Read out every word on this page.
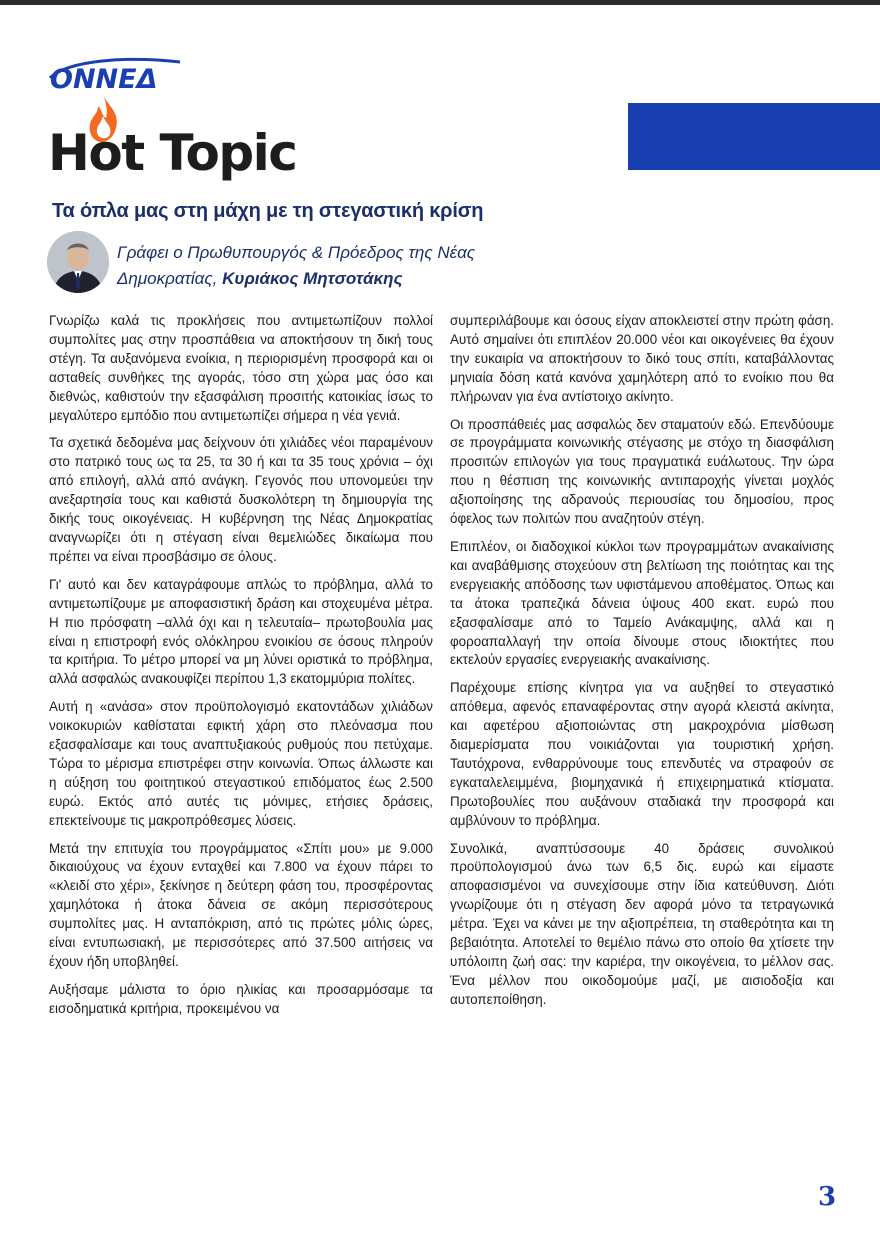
ΟΝΝΕΔ
Hot Topic
Τα όπλα μας στη μάχη με τη στεγαστική κρίση

Γράφει ο Πρωθυπουργός & Πρόεδρος της Νέας Δημοκρατίας, Κυριάκος Μητσοτάκης

Γνωρίζω καλά τις προκλήσεις που αντιμετωπίζουν πολλοί συμπολίτες μας στην προσπάθεια να αποκτήσουν τη δική τους στέγη. Τα αυξανόμενα ενοίκια, η περιορισμένη προσφορά και οι ασταθείς συνθήκες της αγοράς, τόσο στη χώρα μας όσο και διεθνώς, καθιστούν την εξασφάλιση προσιτής κατοικίας ίσως το μεγαλύτερο εμπόδιο που αντιμετωπίζει σήμερα η νέα γενιά.

Τα σχετικά δεδομένα μας δείχνουν ότι χιλιάδες νέοι παραμένουν στο πατρικό τους ως τα 25, τα 30 ή και τα 35 τους χρόνια – όχι από επιλογή, αλλά από ανάγκη. Γεγονός που υπονομεύει την ανεξαρτησία τους και καθιστά δυσκολότερη τη δημιουργία της δικής τους οικογένειας. Η κυβέρνηση της Νέας Δημοκρατίας αναγνωρίζει ότι η στέγαση είναι θεμελιώδες δικαίωμα που πρέπει να είναι προσβάσιμο σε όλους.

Γι' αυτό και δεν καταγράφουμε απλώς το πρόβλημα, αλλά το αντιμετωπίζουμε με αποφασιστική δράση και στοχευμένα μέτρα. Η πιο πρόσφατη –αλλά όχι και η τελευταία– πρωτοβουλία μας είναι η επιστροφή ενός ολόκληρου ενοικίου σε όσους πληρούν τα κριτήρια. Το μέτρο μπορεί να μη λύνει οριστικά το πρόβλημα, αλλά ασφαλώς ανακουφίζει περίπου 1,3 εκατομμύρια πολίτες.

Αυτή η «ανάσα» στον προϋπολογισμό εκατοντάδων χιλιάδων νοικοκυριών καθίσταται εφικτή χάρη στο πλεόνασμα που εξασφαλίσαμε και τους αναπτυξιακούς ρυθμούς που πετύχαμε. Τώρα το μέρισμα επιστρέφει στην κοινωνία. Όπως άλλωστε και η αύξηση του φοιτητικού στεγαστικού επιδόματος έως 2.500 ευρώ. Εκτός από αυτές τις μόνιμες, ετήσιες δράσεις, επεκτείνουμε τις μακροπρόθεσμες λύσεις.

Μετά την επιτυχία του προγράμματος «Σπίτι μου» με 9.000 δικαιούχους να έχουν ενταχθεί και 7.800 να έχουν πάρει το «κλειδί στο χέρι», ξεκίνησε η δεύτερη φάση του, προσφέροντας χαμηλότοκα ή άτοκα δάνεια σε ακόμη περισσότερους συμπολίτες μας. Η ανταπόκριση, από τις πρώτες μόλις ώρες, είναι εντυπωσιακή, με περισσότερες από 37.500 αιτήσεις να έχουν ήδη υποβληθεί.

Αυξήσαμε μάλιστα το όριο ηλικίας και προσαρμόσαμε τα εισοδηματικά κριτήρια, προκειμένου να

συμπεριλάβουμε και όσους είχαν αποκλειστεί στην πρώτη φάση. Αυτό σημαίνει ότι επιπλέον 20.000 νέοι και οικογένειες θα έχουν την ευκαιρία να αποκτήσουν το δικό τους σπίτι, καταβάλλοντας μηνιαία δόση κατά κανόνα χαμηλότερη από το ενοίκιο που θα πλήρωναν για ένα αντίστοιχο ακίνητο.

Οι προσπάθειές μας ασφαλώς δεν σταματούν εδώ. Επενδύουμε σε προγράμματα κοινωνικής στέγασης με στόχο τη διασφάλιση προσιτών επιλογών για τους πραγματικά ευάλωτους. Την ώρα που η θέσπιση της κοινωνικής αντιπαροχής γίνεται μοχλός αξιοποίησης της αδρανούς περιουσίας του δημοσίου, προς όφελος των πολιτών που αναζητούν στέγη.

Επιπλέον, οι διαδοχικοί κύκλοι των προγραμμάτων ανακαίνισης και αναβάθμισης στοχεύουν στη βελτίωση της ποιότητας και της ενεργειακής απόδοσης των υφιστάμενου αποθέματος. Όπως και τα άτοκα τραπεζικά δάνεια ύψους 400 εκατ. ευρώ που εξασφαλίσαμε από το Ταμείο Ανάκαμψης, αλλά και η φοροαπαλλαγή την οποία δίνουμε στους ιδιοκτήτες που εκτελούν εργασίες ενεργειακής ανακαίνισης.

Παρέχουμε επίσης κίνητρα για να αυξηθεί το στεγαστικό απόθεμα, αφενός επαναφέροντας στην αγορά κλειστά ακίνητα, και αφετέρου αξιοποιώντας στη μακροχρόνια μίσθωση διαμερίσματα που νοικιάζονται για τουριστική χρήση. Ταυτόχρονα, ενθαρρύνουμε τους επενδυτές να στραφούν σε εγκαταλελειμμένα, βιομηχανικά ή επιχειρηματικά κτίσματα. Πρωτοβουλίες που αυξάνουν σταδιακά την προσφορά και αμβλύνουν το πρόβλημα.

Συνολικά, αναπτύσσουμε 40 δράσεις συνολικού προϋπολογισμού άνω των 6,5 δις. ευρώ και είμαστε αποφασισμένοι να συνεχίσουμε στην ίδια κατεύθυνση. Διότι γνωρίζουμε ότι η στέγαση δεν αφορά μόνο τα τετραγωνικά μέτρα. Έχει να κάνει με την αξιοπρέπεια, τη σταθερότητα και τη βεβαιότητα. Αποτελεί το θεμέλιο πάνω στο οποίο θα χτίσετε την υπόλοιπη ζωή σας: την καριέρα, την οικογένεια, το μέλλον σας. Ένα μέλλον που οικοδομούμε μαζί, με αισιοδοξία και αυτοπεποίθηση.

3
